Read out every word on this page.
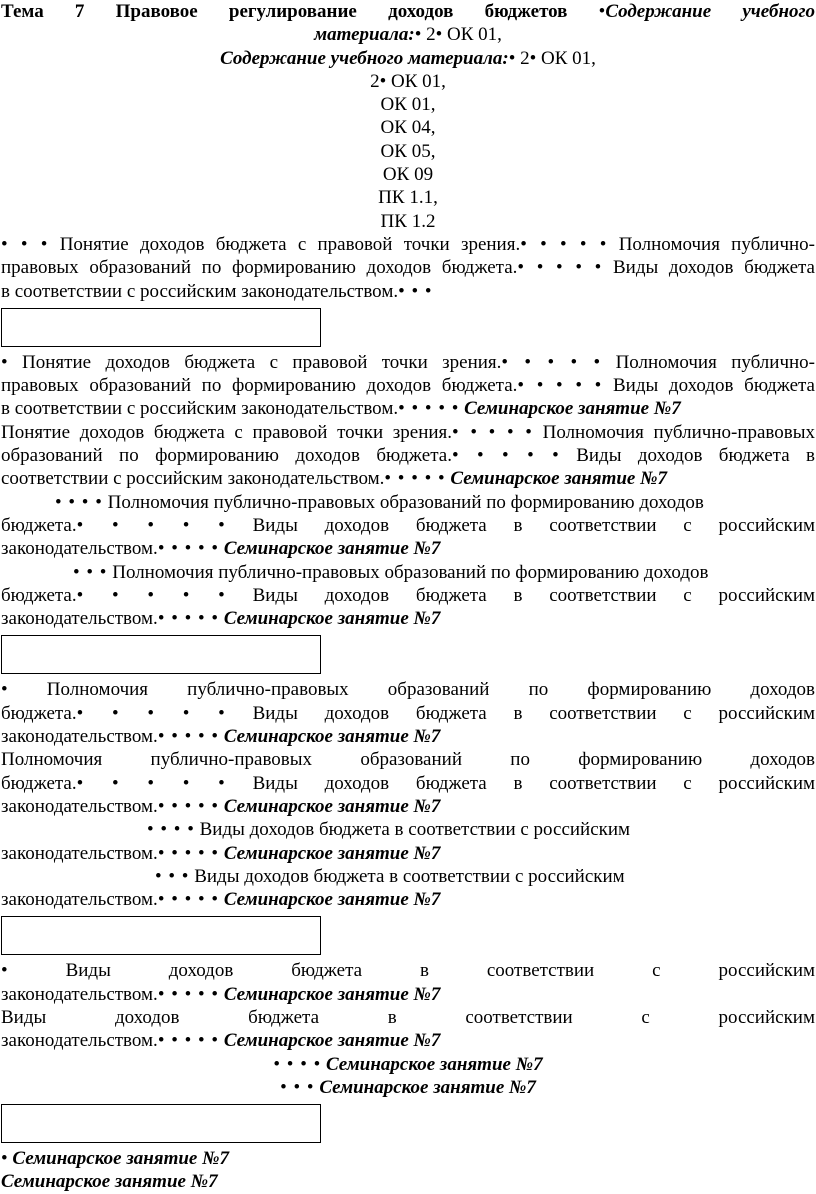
Тема 7 Правовое регулирование доходов бюджетов •Содержание учебного
материала:• 2• ОК 01,
Содержание учебного материала:• 2• ОК 01,
2• ОК 01,
ОК 01,
ОК 04,
ОК 05,
ОК 09
ПК 1.1,
ПК 1.2
• • • Понятие доходов бюджета с правовой точки зрения.• • • • • Полномочия публично-
правовых образований по формированию доходов бюджета.• • • • • Виды доходов бюджета
в соответствии с российским законодательством.• • •
• Понятие доходов бюджета с правовой точки зрения.• • • • • Полномочия публично-
правовых образований по формированию доходов бюджета.• • • • • Виды доходов бюджета
в соответствии с российским законодательством.• • • • • Семинарское занятие №7
Понятие доходов бюджета с правовой точки зрения.• • • • • Полномочия публично-правовых
образований по формированию доходов бюджета.• • • • • Виды доходов бюджета в
соответствии с российским законодательством.• • • • • Семинарское занятие №7
• • • • Полномочия публично-правовых образований по формированию доходов
бюджета.• • • • • Виды доходов бюджета в соответствии с российским
законодательством.• • • • • Семинарское занятие №7
• • • Полномочия публично-правовых образований по формированию доходов
бюджета.• • • • • Виды доходов бюджета в соответствии с российским
законодательством.• • • • • Семинарское занятие №7
• Полномочия публично-правовых образований по формированию доходов
бюджета.• • • • • Виды доходов бюджета в соответствии с российским
законодательством.• • • • • Семинарское занятие №7
Полномочия публично-правовых образований по формированию доходов
бюджета.• • • • • Виды доходов бюджета в соответствии с российским
законодательством.• • • • • Семинарское занятие №7
• • • • Виды доходов бюджета в соответствии с российским
законодательством.• • • • • Семинарское занятие №7
• • • Виды доходов бюджета в соответствии с российским
законодательством.• • • • • Семинарское занятие №7
•	Виды доходов бюджета в соответствии с российским
законодательством.• • • • • Семинарское занятие №7
Виды доходов бюджета в соответствии с российским
законодательством.• • • • • Семинарское занятие №7
• • • • Семинарское занятие №7
• • • Семинарское занятие №7
• Семинарское занятие №7
Семинарское занятие №7
